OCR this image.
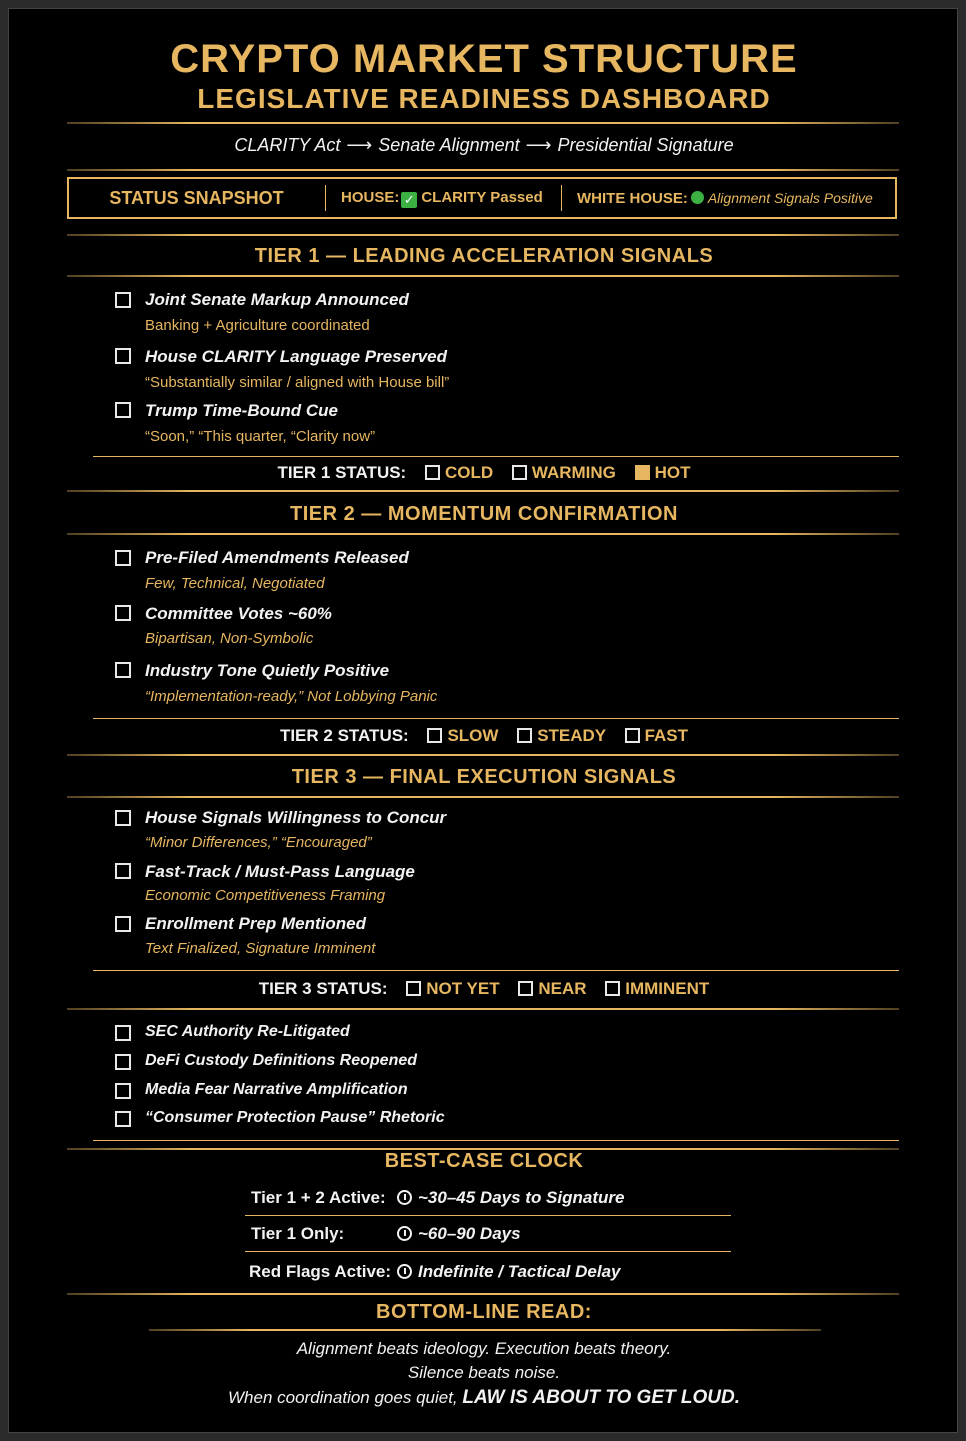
CRYPTO MARKET STRUCTURE
LEGISLATIVE READINESS DASHBOARD
CLARITY Act ⟶ Senate Alignment ⟶ Presidential Signature
STATUS SNAPSHOT	HOUSE: ✓ CLARITY Passed WHITE HOUSE: Alignment Signals Positive
TIER 1 — LEADING ACCELERATION SIGNALS
Joint Senate Markup Announced
Banking + Agriculture coordinated
House CLARITY Language Preserved
“Substantially similar / aligned with House bill”
Trump Time-Bound Cue
“Soon,” “This quarter, “Clarity now”
TIER 1 STATUS: COLD WARMING HOT
TIER 2 — MOMENTUM CONFIRMATION
Pre-Filed Amendments Released
Few, Technical, Negotiated
Committee Votes ~60%
Bipartisan, Non-Symbolic
Industry Tone Quietly Positive
“Implementation-ready,” Not Lobbying Panic
TIER 2 STATUS: SLOW STEADY FAST
TIER 3 — FINAL EXECUTION SIGNALS
House Signals Willingness to Concur
“Minor Differences,” “Encouraged”
Fast-Track / Must-Pass Language
Economic Competitiveness Framing
Enrollment Prep Mentioned
Text Finalized, Signature Imminent
TIER 3 STATUS: NOT YET NEAR IMMINENT
SEC Authority Re-Litigated
DeFi Custody Definitions Reopened
Media Fear Narrative Amplification
“Consumer Protection Pause” Rhetoric
BEST-CASE CLOCK
Tier 1 + 2 Active:	~30–45 Days to Signature
Tier 1 Only:	~60–90 Days
Red Flags Active:	Indefinite / Tactical Delay
BOTTOM-LINE READ:
Alignment beats ideology. Execution beats theory.
Silence beats noise.
When coordination goes quiet, LAW IS ABOUT TO GET LOUD.
